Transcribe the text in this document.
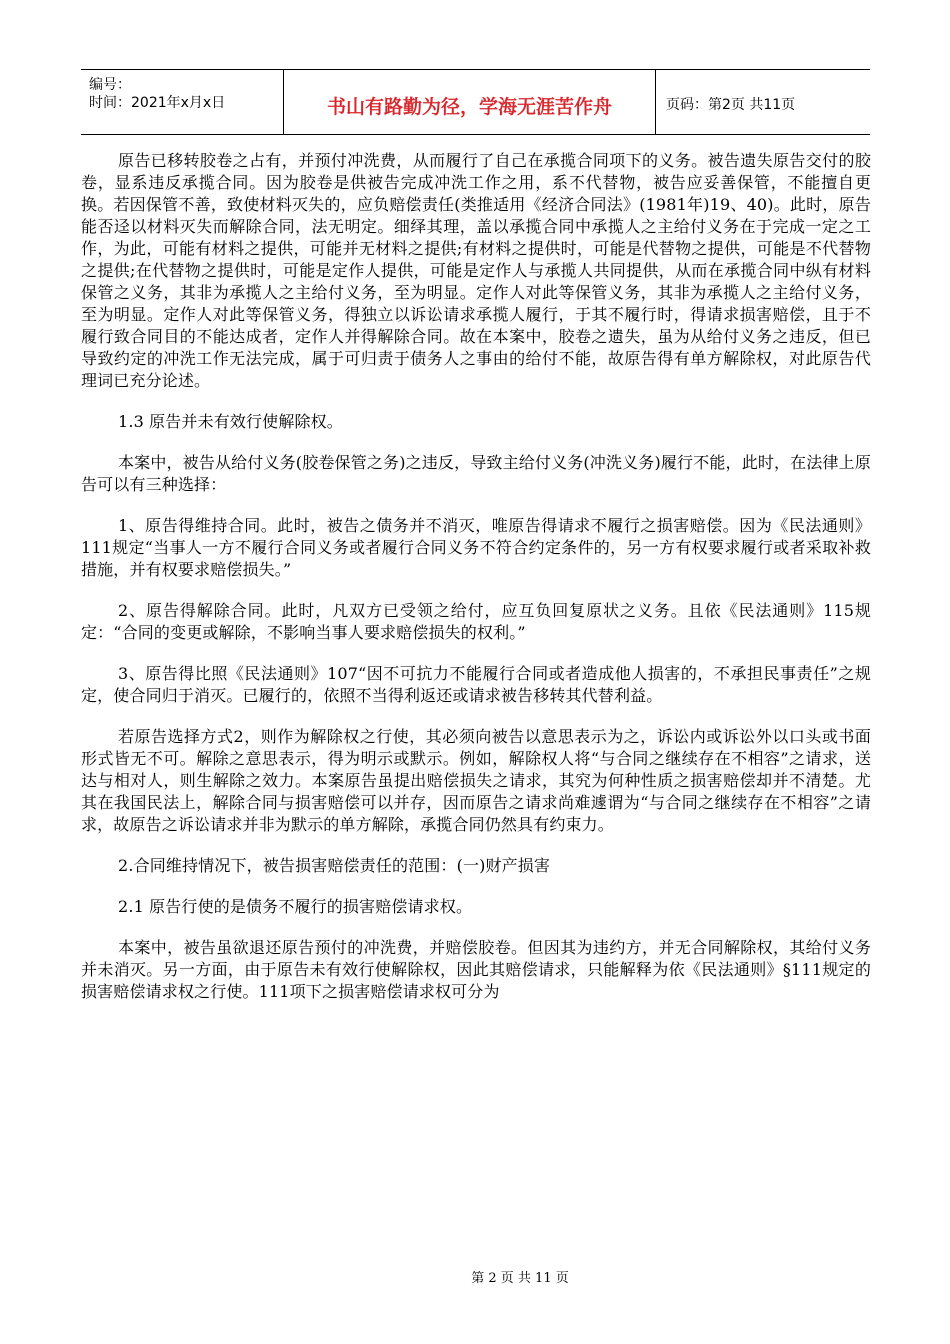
编号：
时间：2021年x月x日	书山有路勤为径，学海无涯苦作舟	页码：第2页 共11页

原告已移转胶卷之占有，并预付冲洗费，从而履行了自己在承揽合同项下的义务。被告遗失原告交付的胶卷，显系违反承揽合同。因为胶卷是供被告完成冲洗工作之用，系不代替物，被告应妥善保管，不能擅自更换。若因保管不善，致使材料灭失的，应负赔偿责任(类推适用《经济合同法》(1981年)19、40)。此时，原告能否迳以材料灭失而解除合同，法无明定。细绎其理，盖以承揽合同中承揽人之主给付义务在于完成一定之工作，为此，可能有材料之提供，可能并无材料之提供;有材料之提供时，可能是代替物之提供，可能是不代替物之提供;在代替物之提供时，可能是定作人提供，可能是定作人与承揽人共同提供，从而在承揽合同中纵有材料保管之义务，其非为承揽人之主给付义务，至为明显。定作人对此等保管义务，其非为承揽人之主给付义务，至为明显。定作人对此等保管义务，得独立以诉讼请求承揽人履行，于其不履行时，得请求损害赔偿，且于不履行致合同目的不能达成者，定作人并得解除合同。故在本案中，胶卷之遗失，虽为从给付义务之违反，但已导致约定的冲洗工作无法完成，属于可归责于债务人之事由的给付不能，故原告得有单方解除权，对此原告代理词已充分论述。

1.3 原告并未有效行使解除权。

本案中，被告从给付义务(胶卷保管之务)之违反，导致主给付义务(冲洗义务)履行不能，此时，在法律上原告可以有三种选择：

1、原告得维持合同。此时，被告之债务并不消灭，唯原告得请求不履行之损害赔偿。因为《民法通则》111规定“当事人一方不履行合同义务或者履行合同义务不符合约定条件的，另一方有权要求履行或者采取补救措施，并有权要求赔偿损失。”

2、原告得解除合同。此时，凡双方已受领之给付，应互负回复原状之义务。且依《民法通则》115规定：“合同的变更或解除，不影响当事人要求赔偿损失的权利。”

3、原告得比照《民法通则》107“因不可抗力不能履行合同或者造成他人损害的，不承担民事责任”之规定，使合同归于消灭。已履行的，依照不当得利返还或请求被告移转其代替利益。

若原告选择方式2，则作为解除权之行使，其必须向被告以意思表示为之，诉讼内或诉讼外以口头或书面形式皆无不可。解除之意思表示，得为明示或默示。例如，解除权人将“与合同之继续存在不相容”之请求，送达与相对人，则生解除之效力。本案原告虽提出赔偿损失之请求，其究为何种性质之损害赔偿却并不清楚。尤其在我国民法上，解除合同与损害赔偿可以并存，因而原告之请求尚难遽谓为“与合同之继续存在不相容”之请求，故原告之诉讼请求并非为默示的单方解除，承揽合同仍然具有约束力。

2.合同维持情况下，被告损害赔偿责任的范围：(一)财产损害

2.1 原告行使的是债务不履行的损害赔偿请求权。

本案中，被告虽欲退还原告预付的冲洗费，并赔偿胶卷。但因其为违约方，并无合同解除权，其给付义务并未消灭。另一方面，由于原告未有效行使解除权，因此其赔偿请求，只能解释为依《民法通则》§111规定的损害赔偿请求权之行使。111项下之损害赔偿请求权可分为

第 2 页 共 11 页
